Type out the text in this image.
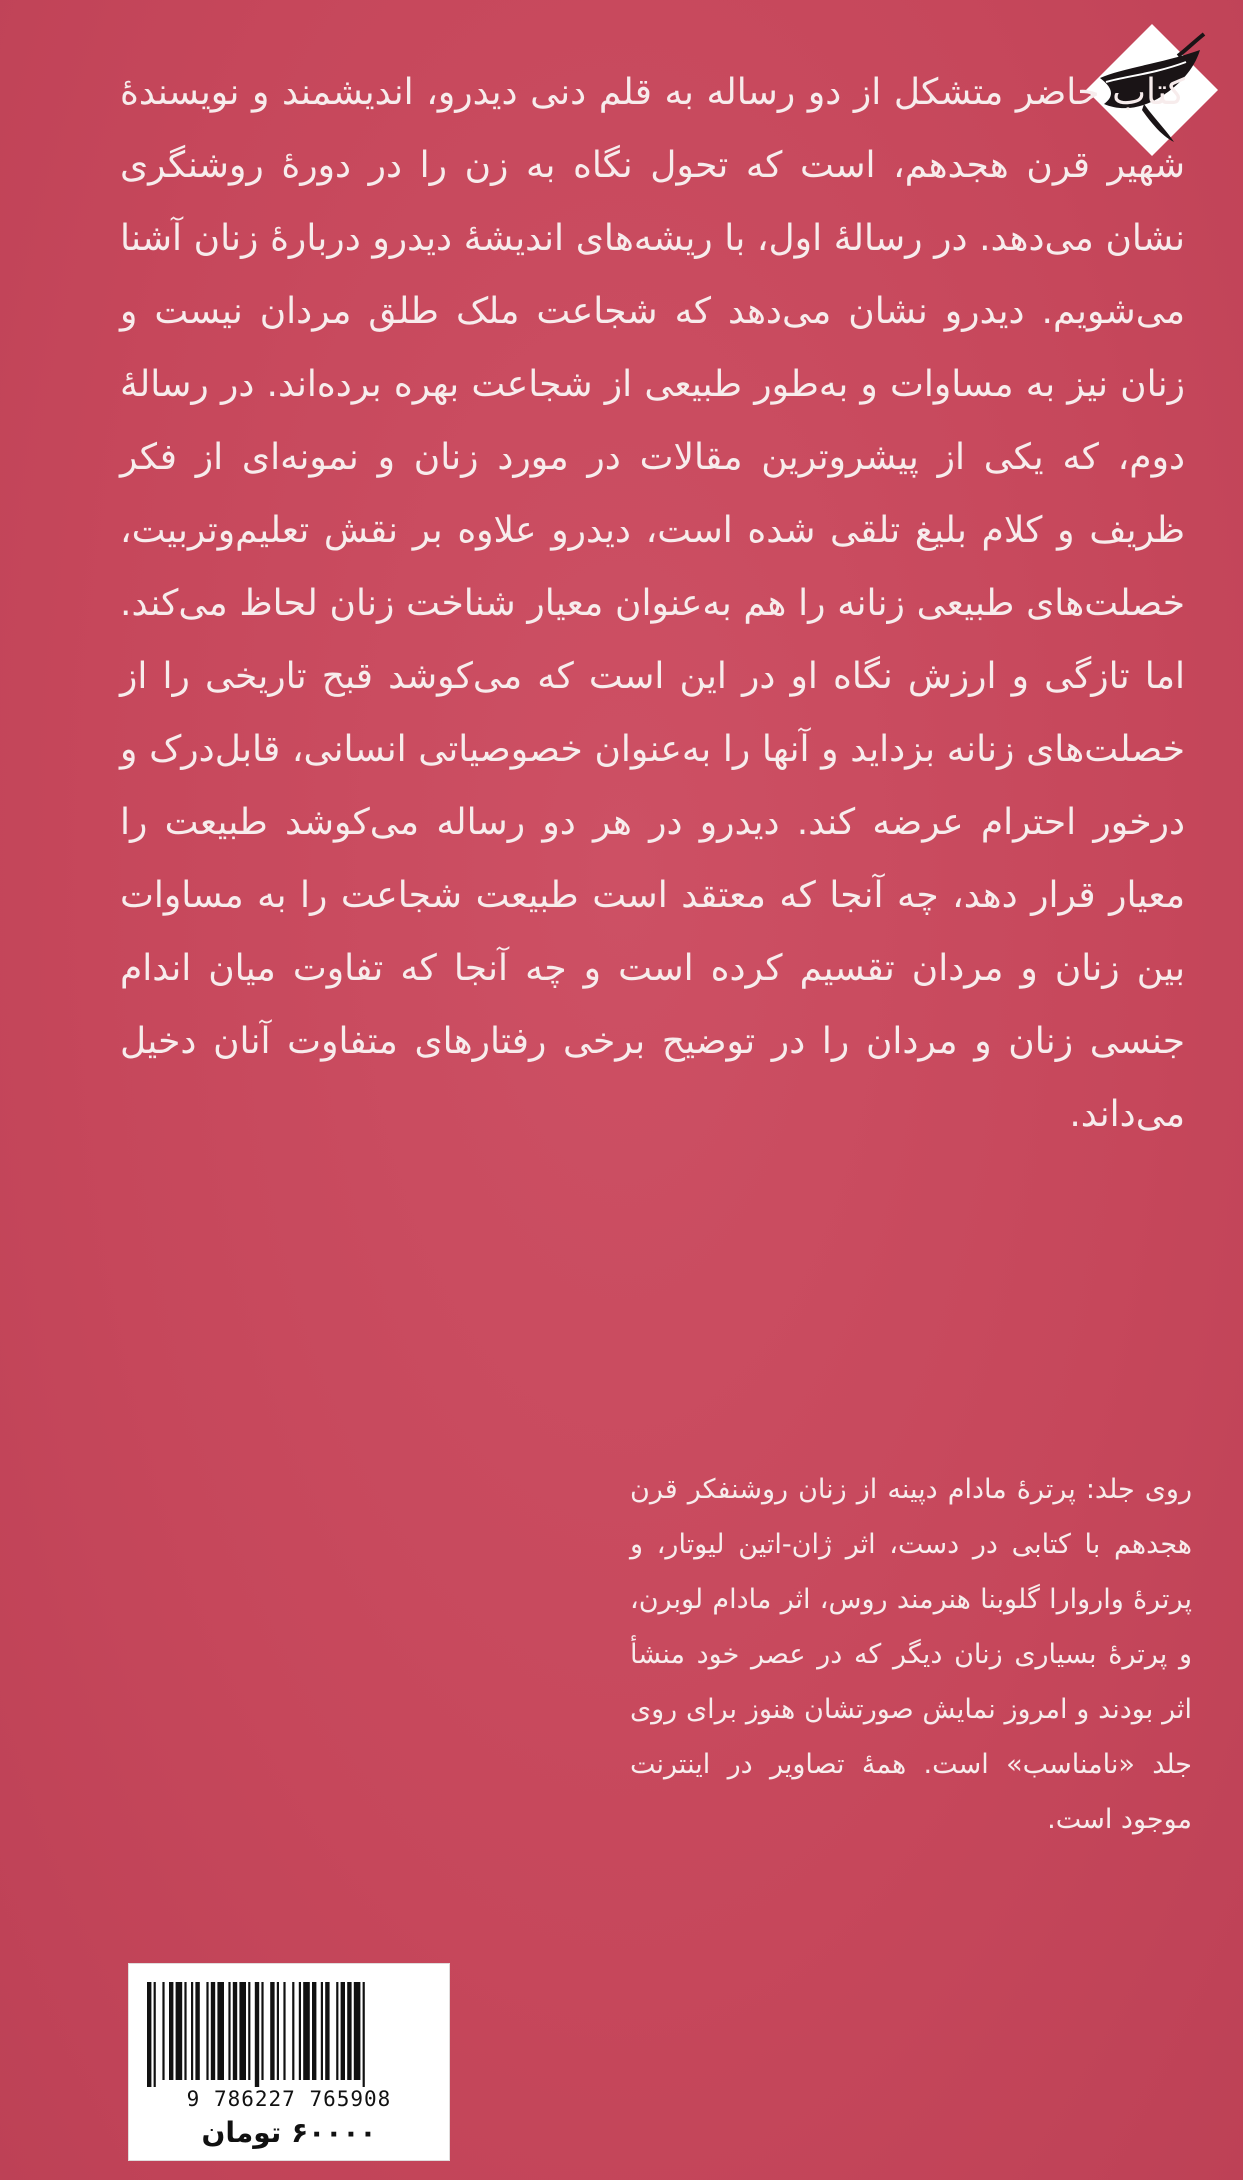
کتاب حاضر متشکل از دو رساله به قلم دنی دیدرو، اندیشمند و نویسندهٔ شهیر قرن هجدهم، است که تحول نگاه به زن را در دورهٔ روشنگری نشان می‌دهد. در رسالهٔ اول، با ریشه‌های اندیشهٔ دیدرو دربارهٔ زنان آشنا می‌شویم. دیدرو نشان می‌دهد که شجاعت ملک طلق مردان نیست و زنان نیز به مساوات و به‌طور طبیعی از شجاعت بهره برده‌اند. در رسالهٔ دوم، که یکی از پیشروترین مقالات در مورد زنان و نمونه‌ای از فکر ظریف و کلام بلیغ تلقی شده است، دیدرو علاوه بر نقش تعلیم‌وتربیت، خصلت‌های طبیعی زنانه را هم به‌عنوان معیار شناخت زنان لحاظ می‌کند. اما تازگی و ارزش نگاه او در این است که می‌کوشد قبح تاریخی را از خصلت‌های زنانه بزداید و آنها را به‌عنوان خصوصیاتی انسانی، قابل‌درک و درخور احترام عرضه کند. دیدرو در هر دو رساله می‌کوشد طبیعت را معیار قرار دهد، چه آنجا که معتقد است طبیعت شجاعت را به مساوات بین زنان و مردان تقسیم کرده است و چه آنجا که تفاوت میان اندام جنسی زنان و مردان را در توضیح برخی رفتارهای متفاوت آنان دخیل می‌داند.

روی جلد: پرترهٔ مادام دپینه از زنان روشنفکر قرن هجدهم با کتابی در دست، اثر ژان-اتین لیوتار، و پرترهٔ واروارا گلوبنا هنرمند روس، اثر مادام لوبرن، و پرترهٔ بسیاری زنان دیگر که در عصر خود منشأ اثر بودند و امروز نمایش صورتشان هنوز برای روی جلد «نامناسب» است. همهٔ تصاویر در اینترنت موجود است.

9 786227 765908
۶۰۰۰۰ تومان
